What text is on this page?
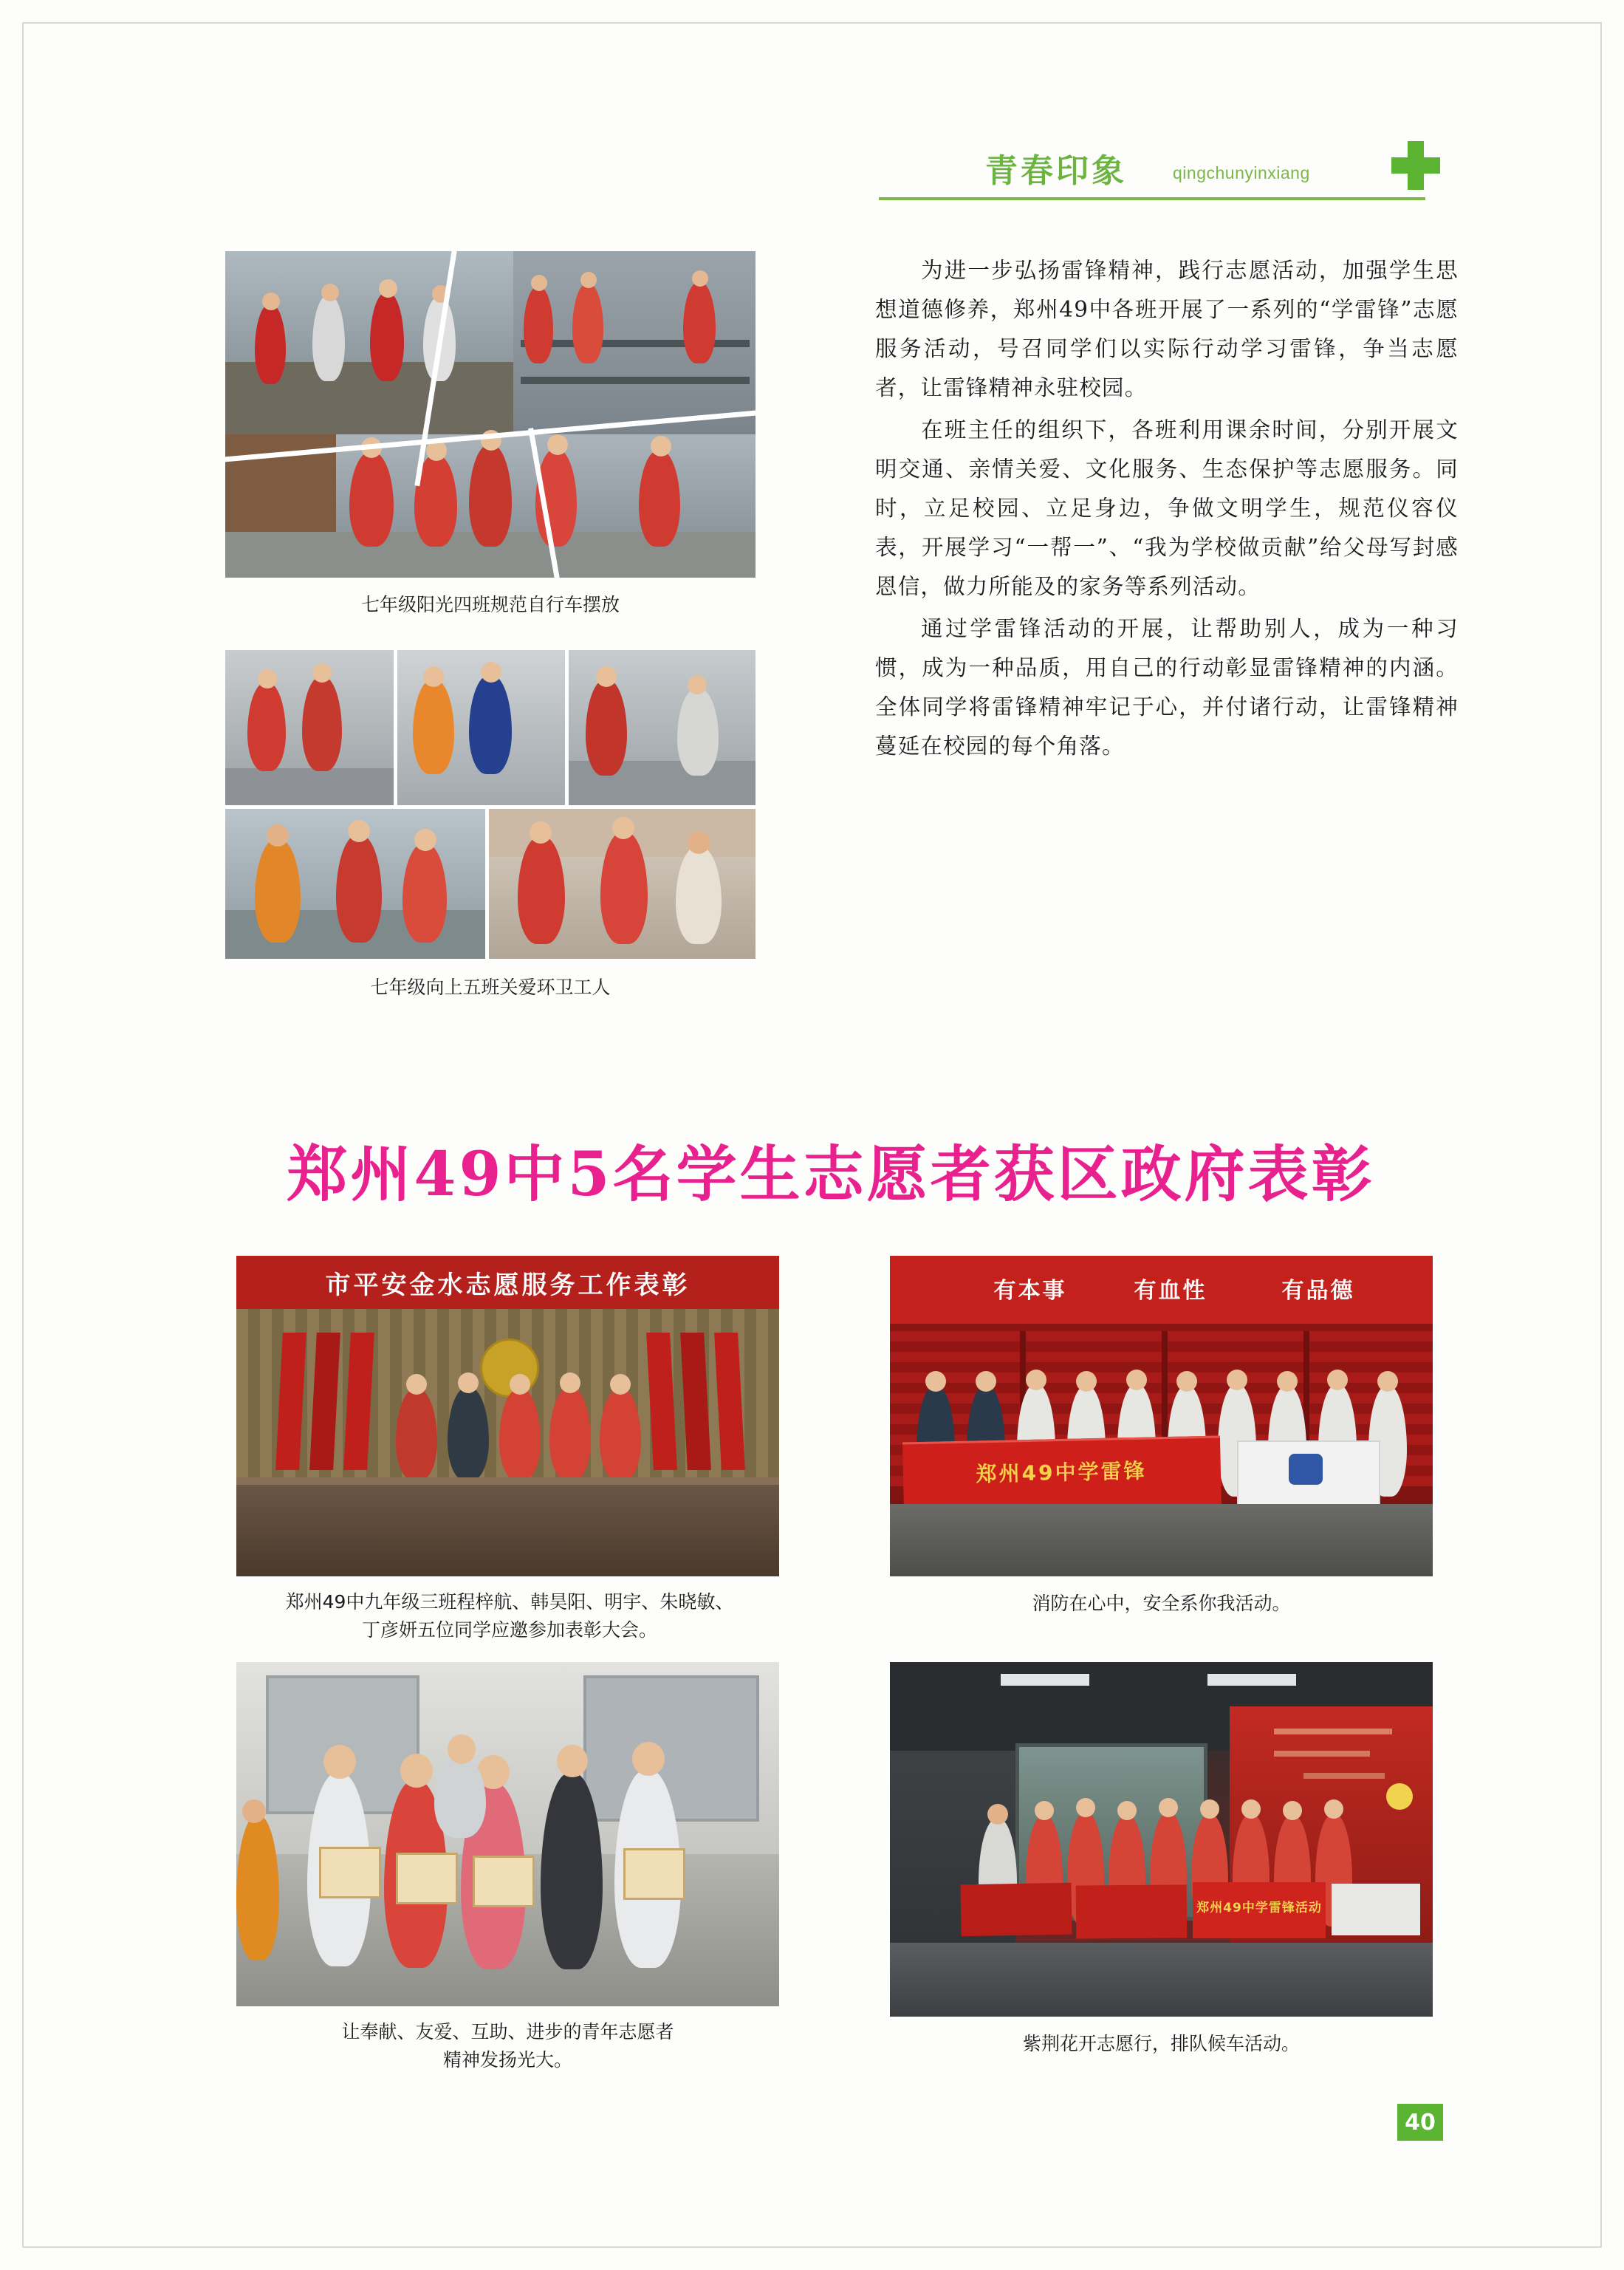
青春印象	qingchunyinxiang

为进一步弘扬雷锋精神，践行志愿活动，加强学生思想道德修养，郑州49中各班开展了一系列的“学雷锋”志愿服务活动，号召同学们以实际行动学习雷锋，争当志愿者，让雷锋精神永驻校园。

在班主任的组织下，各班利用课余时间，分别开展文明交通、亲情关爱、文化服务、生态保护等志愿服务。同时，立足校园、立足身边，争做文明学生，规范仪容仪表，开展学习“一帮一”、“我为学校做贡献”给父母写封感恩信，做力所能及的家务等系列活动。

通过学雷锋活动的开展，让帮助别人，成为一种习惯，成为一种品质，用自己的行动彰显雷锋精神的内涵。全体同学将雷锋精神牢记于心，并付诸行动，让雷锋精神蔓延在校园的每个角落。

七年级阳光四班规范自行车摆放
七年级向上五班关爱环卫工人
郑州49中5名学生志愿者获区政府表彰
市平安金水志愿服务工作表彰
郑州49中九年级三班程梓航、韩昊阳、明宇、朱晓敏、
丁彦妍五位同学应邀参加表彰大会。
有本事	有血性	有品德
郑州49中学雷锋
消防在心中，安全系你我活动。
让奉献、友爱、互助、进步的青年志愿者
精神发扬光大。
郑州49中学雷锋活动
紫荆花开志愿行，排队候车活动。
40
